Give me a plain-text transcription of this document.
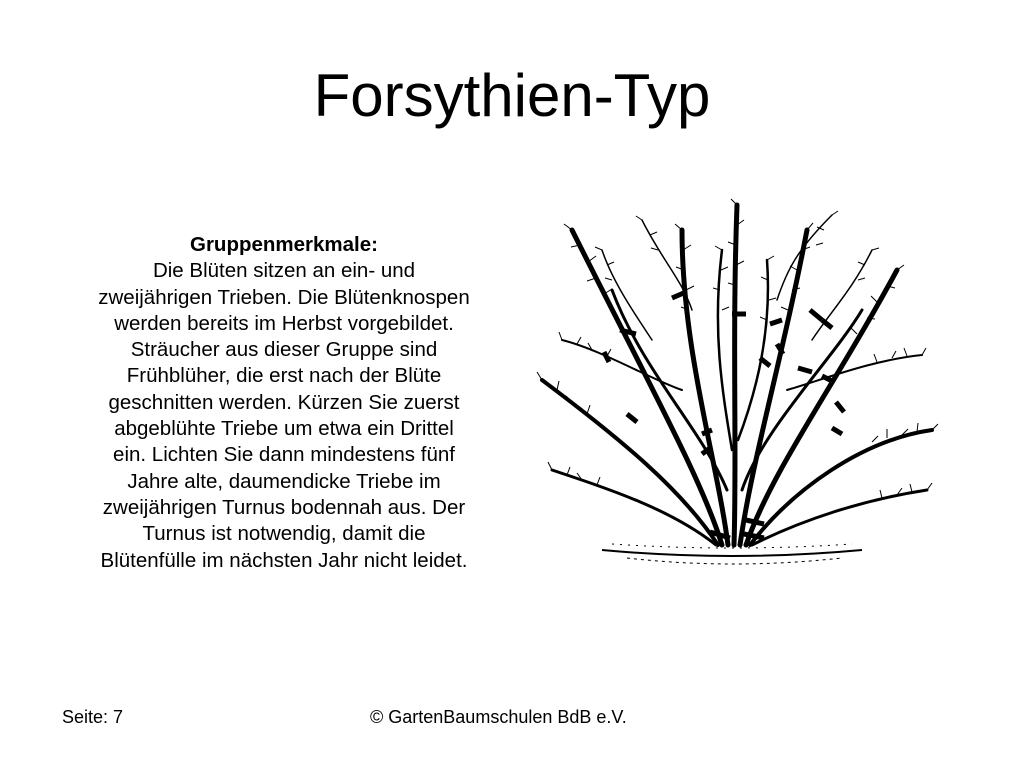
Forsythien-Typ
Gruppenmerkmale:
Die Blüten sitzen an ein- und
zweijährigen Trieben. Die Blütenknospen
werden bereits im Herbst vorgebildet.
Sträucher aus dieser Gruppe sind
Frühblüher, die erst nach der Blüte
geschnitten werden. Kürzen Sie zuerst
abgeblühte Triebe um etwa ein Drittel
ein. Lichten Sie dann mindestens fünf
Jahre alte, daumendicke Triebe im
zweijährigen Turnus bodennah aus. Der
Turnus ist notwendig, damit die
Blütenfülle im nächsten Jahr nicht leidet.
Seite: 7	© GartenBaumschulen BdB e.V.
